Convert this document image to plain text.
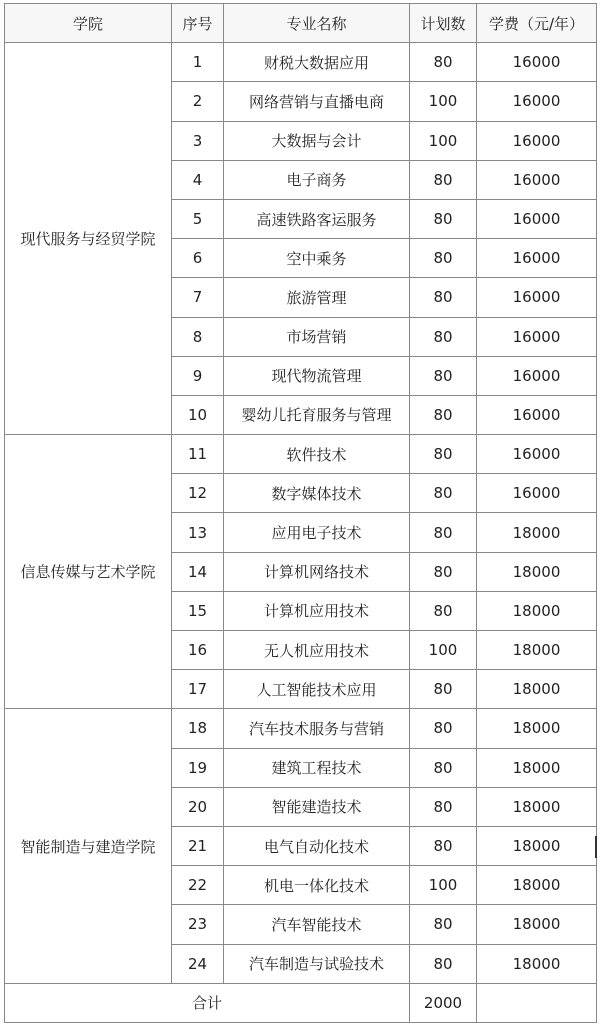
学院	序号	专业名称	计划数	学费（元/年）
现代服务与经贸学院	1	财税大数据应用	80	16000
	2	网络营销与直播电商	100	16000
	3	大数据与会计	100	16000
	4	电子商务	80	16000
	5	高速铁路客运服务	80	16000
	6	空中乘务	80	16000
	7	旅游管理	80	16000
	8	市场营销	80	16000
	9	现代物流管理	80	16000
	10	婴幼儿托育服务与管理	80	16000
信息传媒与艺术学院	11	软件技术	80	16000
	12	数字媒体技术	80	16000
	13	应用电子技术	80	18000
	14	计算机网络技术	80	18000
	15	计算机应用技术	80	18000
	16	无人机应用技术	100	18000
	17	人工智能技术应用	80	18000
智能制造与建造学院	18	汽车技术服务与营销	80	18000
	19	建筑工程技术	80	18000
	20	智能建造技术	80	18000
	21	电气自动化技术	80	18000
	22	机电一体化技术	100	18000
	23	汽车智能技术	80	18000
	24	汽车制造与试验技术	80	18000
合计			2000	
